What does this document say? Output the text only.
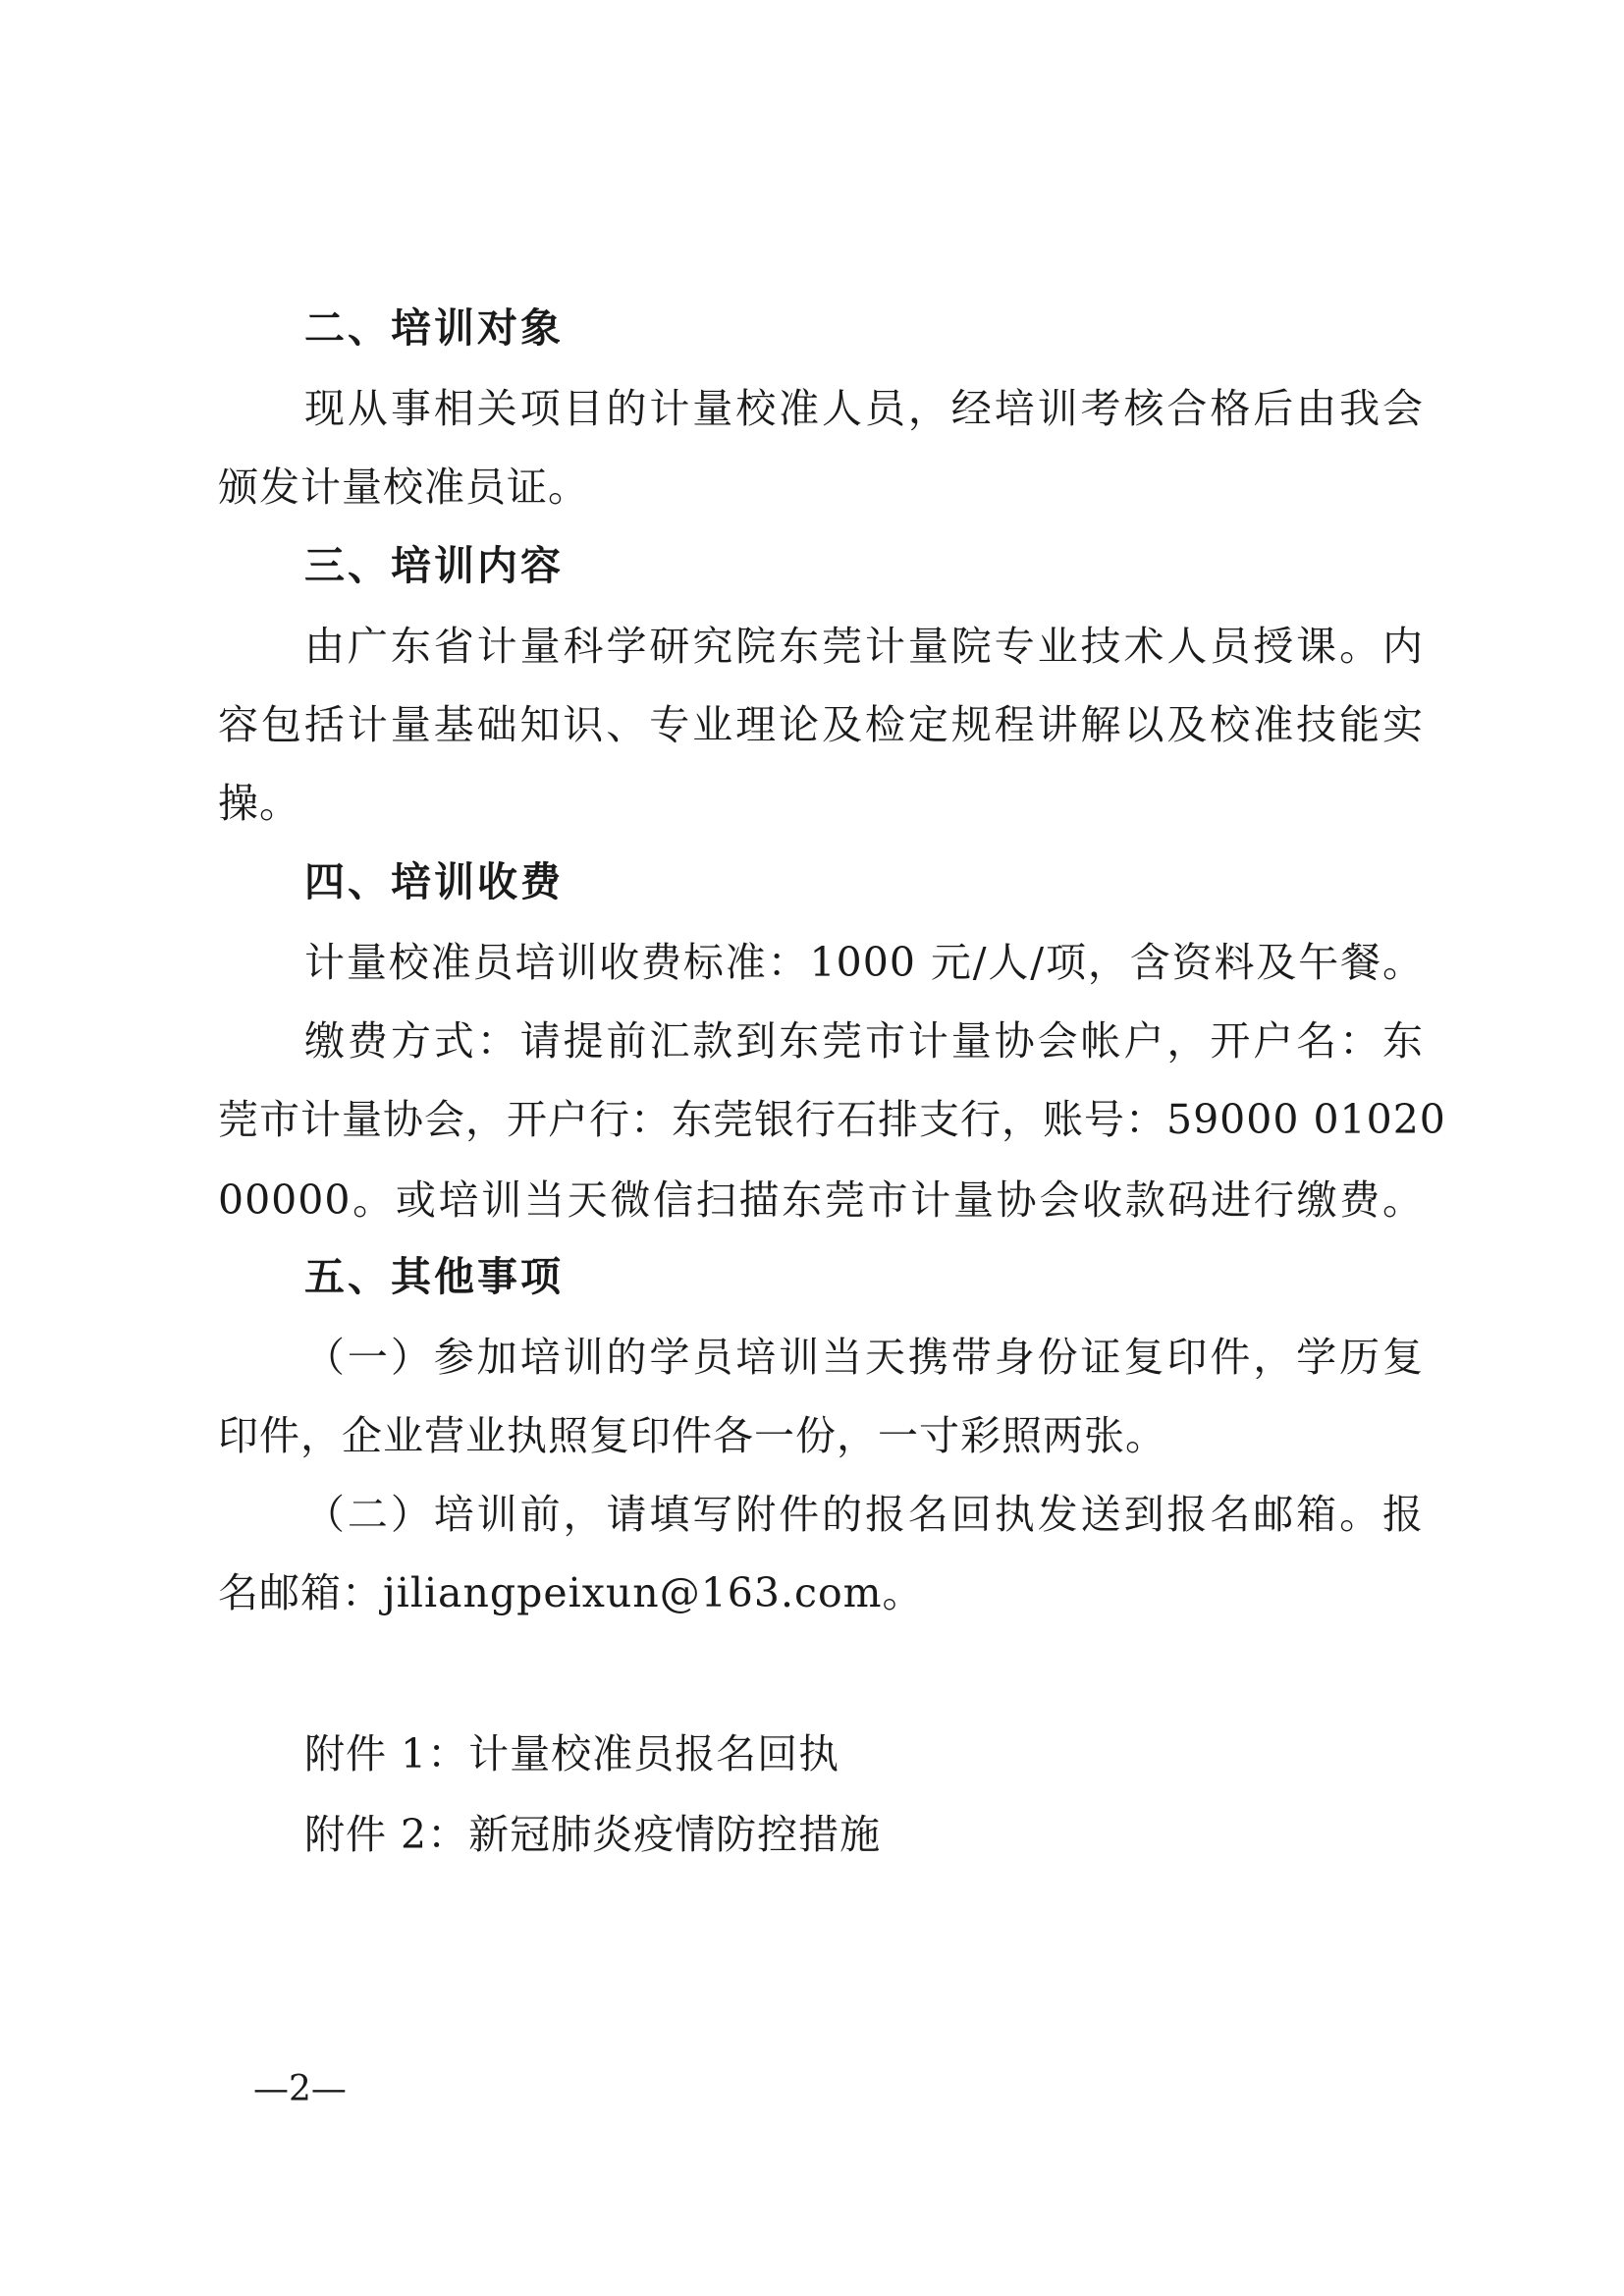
二、培训对象
现从事相关项目的计量校准人员，经培训考核合格后由我会
颁发计量校准员证。
三、培训内容
由广东省计量科学研究院东莞计量院专业技术人员授课。内
容包括计量基础知识、专业理论及检定规程讲解以及校准技能实
操。
四、培训收费
计量校准员培训收费标准：1000 元/人/项，含资料及午餐。
缴费方式：请提前汇款到东莞市计量协会帐户，开户名：东
莞市计量协会，开户行：东莞银行石排支行，账号：59000 01020
00000。或培训当天微信扫描东莞市计量协会收款码进行缴费。
五、其他事项
（一）参加培训的学员培训当天携带身份证复印件，学历复
印件，企业营业执照复印件各一份，一寸彩照两张。
（二）培训前，请填写附件的报名回执发送到报名邮箱。报
名邮箱：jiliangpeixun@163.com。
附件 1：计量校准员报名回执
附件 2：新冠肺炎疫情防控措施
—2—
